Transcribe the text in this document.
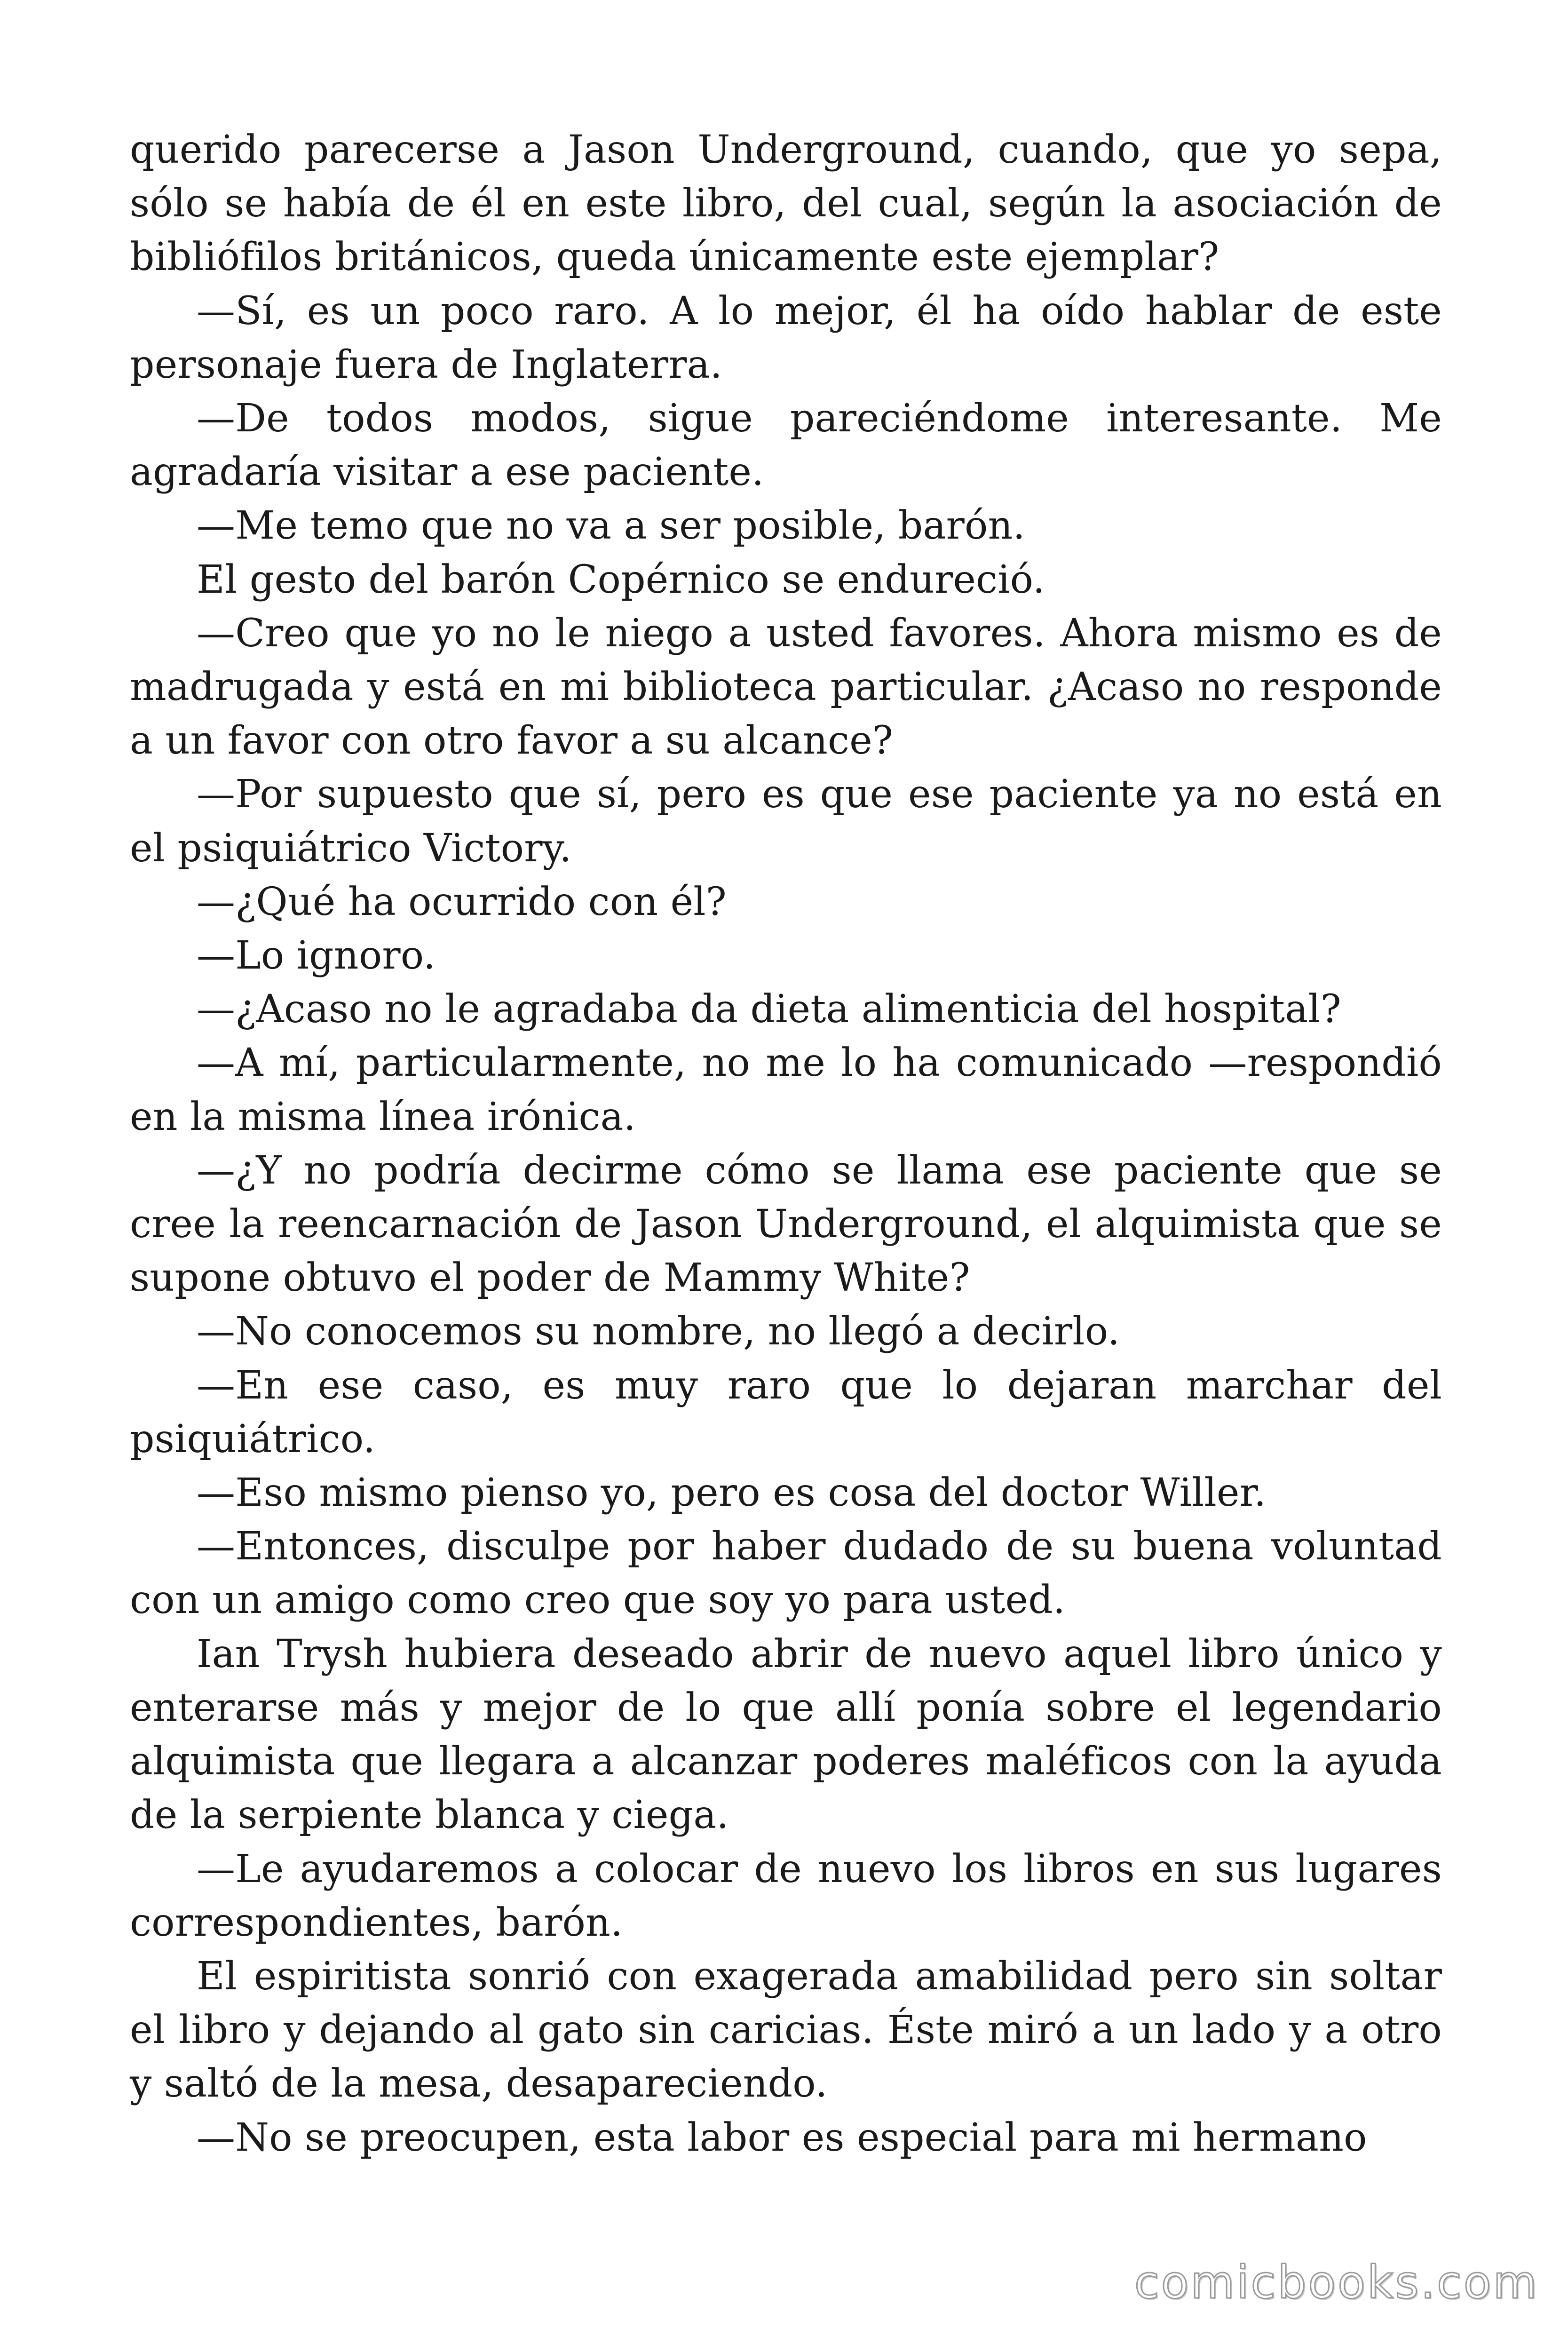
querido parecerse a Jason Underground, cuando, que yo sepa, sólo se había de él en este libro, del cual, según la asociación de bibliófilos británicos, queda únicamente este ejemplar?

—Sí, es un poco raro. A lo mejor, él ha oído hablar de este personaje fuera de Inglaterra.

—De todos modos, sigue pareciéndome interesante. Me agradaría visitar a ese paciente.

—Me temo que no va a ser posible, barón.

El gesto del barón Copérnico se endureció.

—Creo que yo no le niego a usted favores. Ahora mismo es de madrugada y está en mi biblioteca particular. ¿Acaso no responde a un favor con otro favor a su alcance?

—Por supuesto que sí, pero es que ese paciente ya no está en el psiquiátrico Victory.

—¿Qué ha ocurrido con él?

—Lo ignoro.

—¿Acaso no le agradaba da dieta alimenticia del hospital?

—A mí, particularmente, no me lo ha comunicado —respondió en la misma línea irónica.

—¿Y no podría decirme cómo se llama ese paciente que se cree la reencarnación de Jason Underground, el alquimista que se supone obtuvo el poder de Mammy White?

—No conocemos su nombre, no llegó a decirlo.

—En ese caso, es muy raro que lo dejaran marchar del psiquiátrico.

—Eso mismo pienso yo, pero es cosa del doctor Willer.

—Entonces, disculpe por haber dudado de su buena voluntad con un amigo como creo que soy yo para usted.

Ian Trysh hubiera deseado abrir de nuevo aquel libro único y enterarse más y mejor de lo que allí ponía sobre el legendario alquimista que llegara a alcanzar poderes maléficos con la ayuda de la serpiente blanca y ciega.

—Le ayudaremos a colocar de nuevo los libros en sus lugares correspondientes, barón.

El espiritista sonrió con exagerada amabilidad pero sin soltar el libro y dejando al gato sin caricias. Éste miró a un lado y a otro y saltó de la mesa, desapareciendo.

—No se preocupen, esta labor es especial para mi hermano

comicbooks.com
